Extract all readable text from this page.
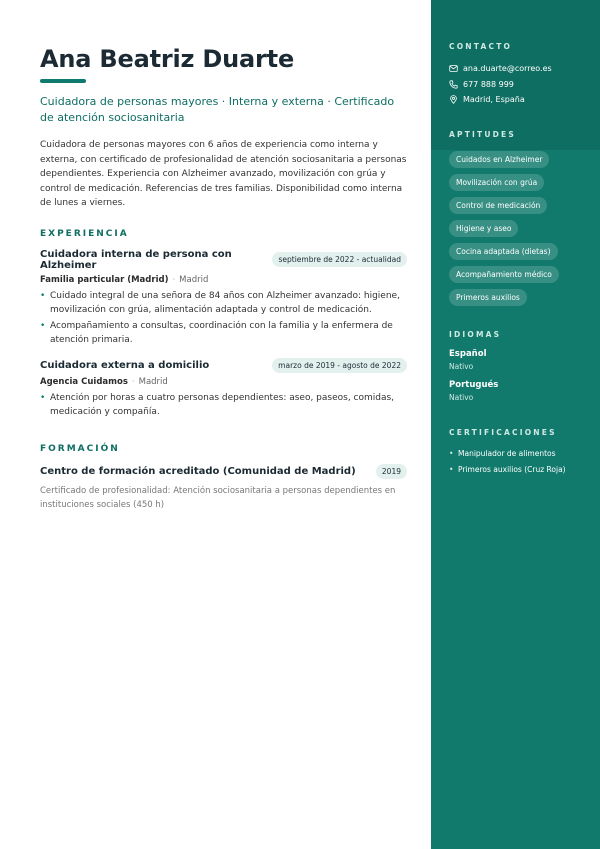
Ana Beatriz Duarte
Cuidadora de personas mayores · Interna y externa · Certificado de atención sociosanitaria

Cuidadora de personas mayores con 6 años de experiencia como interna y externa, con certificado de profesionalidad de atención sociosanitaria a personas dependientes. Experiencia con Alzheimer avanzado, movilización con grúa y control de medicación. Referencias de tres familias. Disponibilidad como interna de lunes a viernes.

EXPERIENCIA
Cuidadora interna de persona con Alzheimer	septiembre de 2022 - actualidad
Familia particular (Madrid) · Madrid
• Cuidado integral de una señora de 84 años con Alzheimer avanzado: higiene, movilización con grúa, alimentación adaptada y control de medicación.
• Acompañamiento a consultas, coordinación con la familia y la enfermera de atención primaria.
Cuidadora externa a domicilio	marzo de 2019 - agosto de 2022
Agencia Cuidamos · Madrid
• Atención por horas a cuatro personas dependientes: aseo, paseos, comidas, medicación y compañía.
FORMACIÓN
Centro de formación acreditado (Comunidad de Madrid)	2019

Certificado de profesionalidad: Atención sociosanitaria a personas dependientes en instituciones sociales (450 h)

CONTACTO
ana.duarte@correo.es
677 888 999
Madrid, España
APTITUDES
Cuidados en Alzheimer
Movilización con grúa
Control de medicación
Higiene y aseo
Cocina adaptada (dietas)
Acompañamiento médico
Primeros auxilios
IDIOMAS
Español
Nativo
Portugués
Nativo
CERTIFICACIONES
• Manipulador de alimentos
• Primeros auxilios (Cruz Roja)
